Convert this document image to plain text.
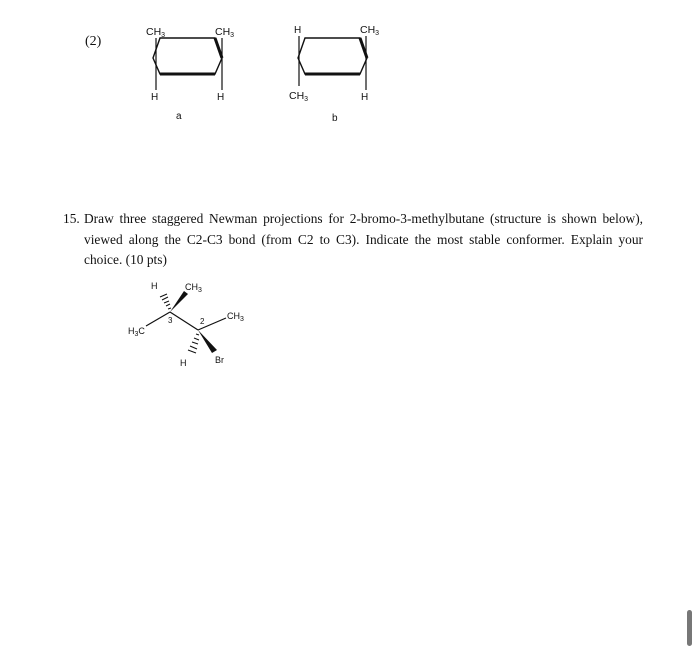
(2)
CH3	CH3
H	H
a
H	CH3
CH3	H
b
H	$CH_3$
$CH_3$
$H_3C$
3	2
H	Br
15. Draw three staggered Newman projections for 2-bromo-3-methylbutane (structure is shown below), viewed along the C2-C3 bond (from C2 to C3). Indicate the most stable conformer. Explain your choice. (10 pts)
